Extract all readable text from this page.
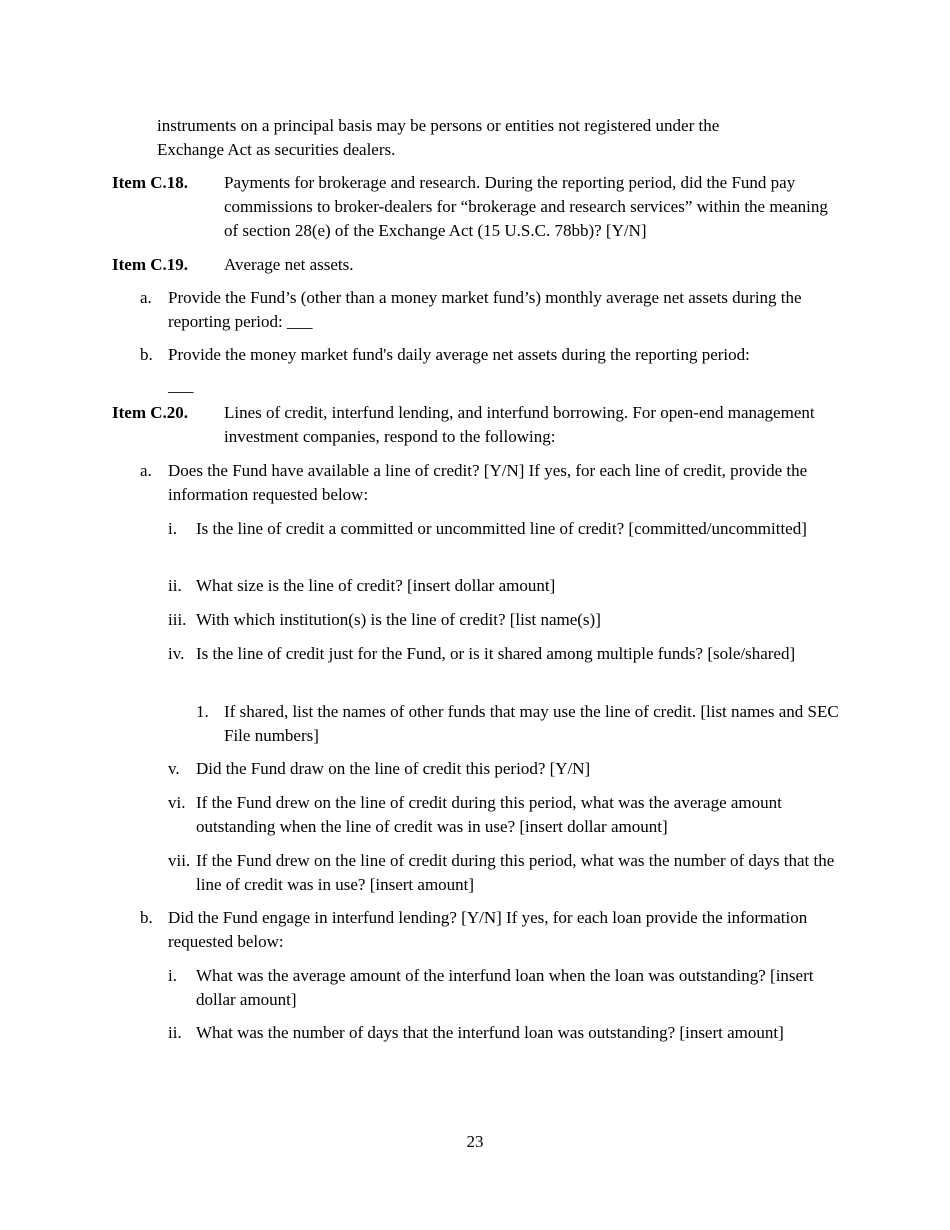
instruments on a principal basis may be persons or entities not registered under the
Exchange Act as securities dealers.
Item C.18. Payments for brokerage and research. During the reporting period, did the Fund pay commissions to broker-dealers for “brokerage and research services” within the meaning of section 28(e) of the Exchange Act (15 U.S.C. 78bb)? [Y/N]
Item C.19. Average net assets.
a. Provide the Fund’s (other than a money market fund’s) monthly average net assets during the reporting period: ___
b. Provide the money market fund's daily average net assets during the reporting period:
___
Item C.20. Lines of credit, interfund lending, and interfund borrowing. For open-end management investment companies, respond to the following:
a. Does the Fund have available a line of credit? [Y/N] If yes, for each line of credit, provide the information requested below:
i. Is the line of credit a committed or uncommitted line of credit? [committed/uncommitted]
ii. What size is the line of credit? [insert dollar amount]
iii. With which institution(s) is the line of credit? [list name(s)]
iv. Is the line of credit just for the Fund, or is it shared among multiple funds? [sole/shared]
1. If shared, list the names of other funds that may use the line of credit. [list names and SEC File numbers]
v. Did the Fund draw on the line of credit this period? [Y/N]
vi. If the Fund drew on the line of credit during this period, what was the average amount outstanding when the line of credit was in use? [insert dollar amount]
vii. If the Fund drew on the line of credit during this period, what was the number of days that the line of credit was in use? [insert amount]
b. Did the Fund engage in interfund lending? [Y/N] If yes, for each loan provide the information requested below:
i. What was the average amount of the interfund loan when the loan was outstanding? [insert dollar amount]
ii. What was the number of days that the interfund loan was outstanding? [insert amount]
23
